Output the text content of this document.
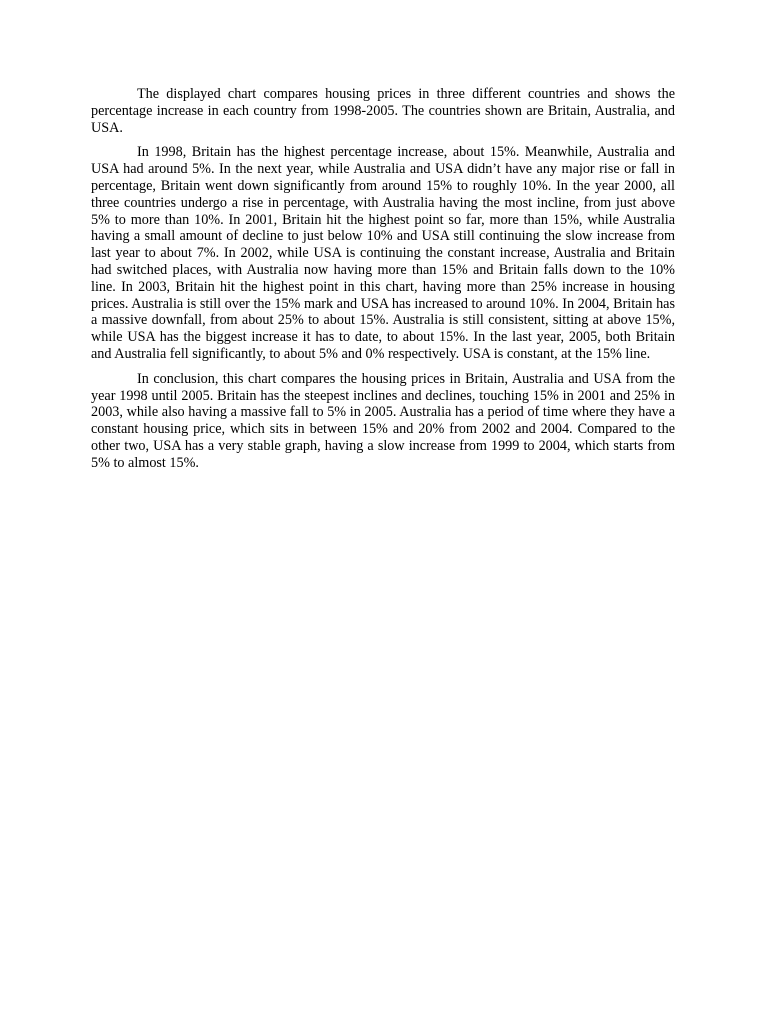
The displayed chart compares housing prices in three different countries and shows the percentage increase in each country from 1998-2005. The countries shown are Britain, Australia, and USA.

In 1998, Britain has the highest percentage increase, about 15%. Meanwhile, Australia and USA had around 5%. In the next year, while Australia and USA didn’t have any major rise or fall in percentage, Britain went down significantly from around 15% to roughly 10%. In the year 2000, all three countries undergo a rise in percentage, with Australia having the most incline, from just above 5% to more than 10%. In 2001, Britain hit the highest point so far, more than 15%, while Australia having a small amount of decline to just below 10% and USA still continuing the slow increase from last year to about 7%. In 2002, while USA is continuing the constant increase, Australia and Britain had switched places, with Australia now having more than 15% and Britain falls down to the 10% line. In 2003, Britain hit the highest point in this chart, having more than 25% increase in housing prices. Australia is still over the 15% mark and USA has increased to around 10%. In 2004, Britain has a massive downfall, from about 25% to about 15%. Australia is still consistent, sitting at above 15%, while USA has the biggest increase it has to date, to about 15%. In the last year, 2005, both Britain and Australia fell significantly, to about 5% and 0% respectively. USA is constant, at the 15% line.

In conclusion, this chart compares the housing prices in Britain, Australia and USA from the year 1998 until 2005. Britain has the steepest inclines and declines, touching 15% in 2001 and 25% in 2003, while also having a massive fall to 5% in 2005. Australia has a period of time where they have a constant housing price, which sits in between 15% and 20% from 2002 and 2004. Compared to the other two, USA has a very stable graph, having a slow increase from 1999 to 2004, which starts from 5% to almost 15%.
